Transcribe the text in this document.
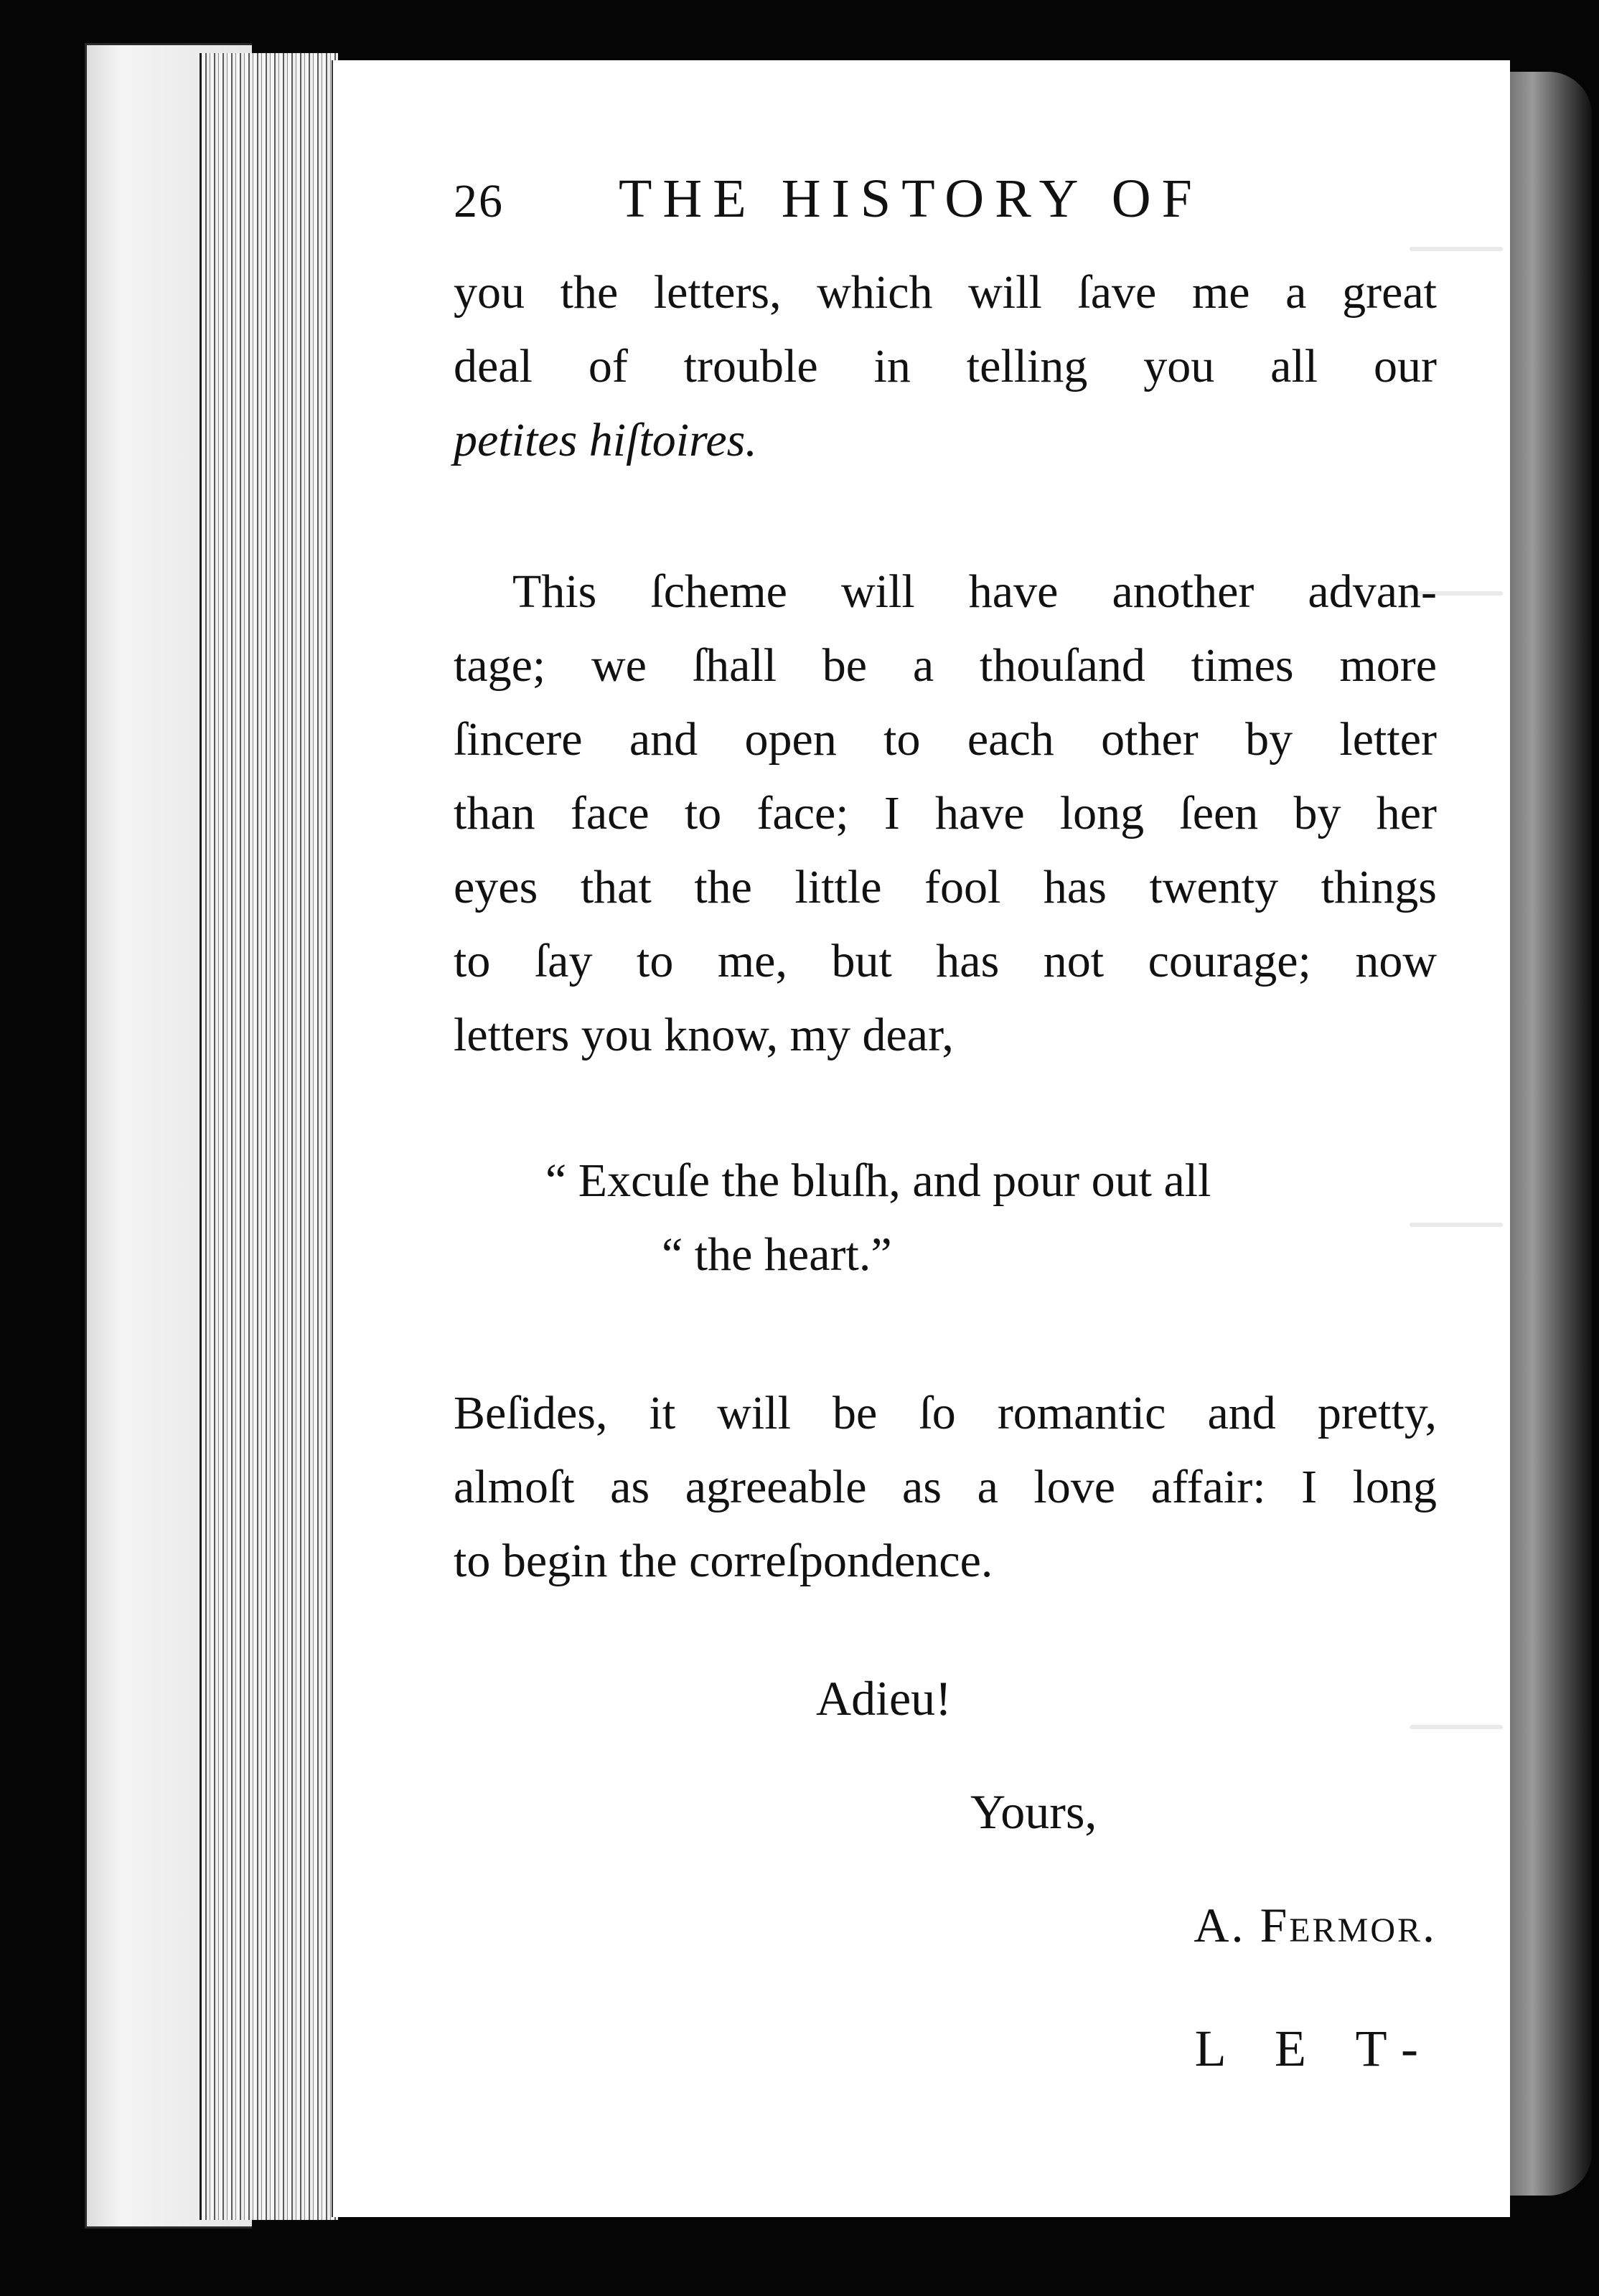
26	THE HISTORY OF
you the letters, which will ſave me a great
deal of trouble in telling you all our
petites hiſtoires.
This ſcheme will have another advan-
tage; we ſhall be a thouſand times more
ſincere and open to each other by letter
than face to face; I have long ſeen by her
eyes that the little fool has twenty things
to ſay to me, but has not courage; now
letters you know, my dear,
“ Excuſe the bluſh, and pour out all
“ the heart.”
Beſides, it will be ſo romantic and pretty,
almoſt as agreeable as a love affair: I long
to begin the correſpondence.
Adieu!
Yours,
A. Fermor.
L E T-
